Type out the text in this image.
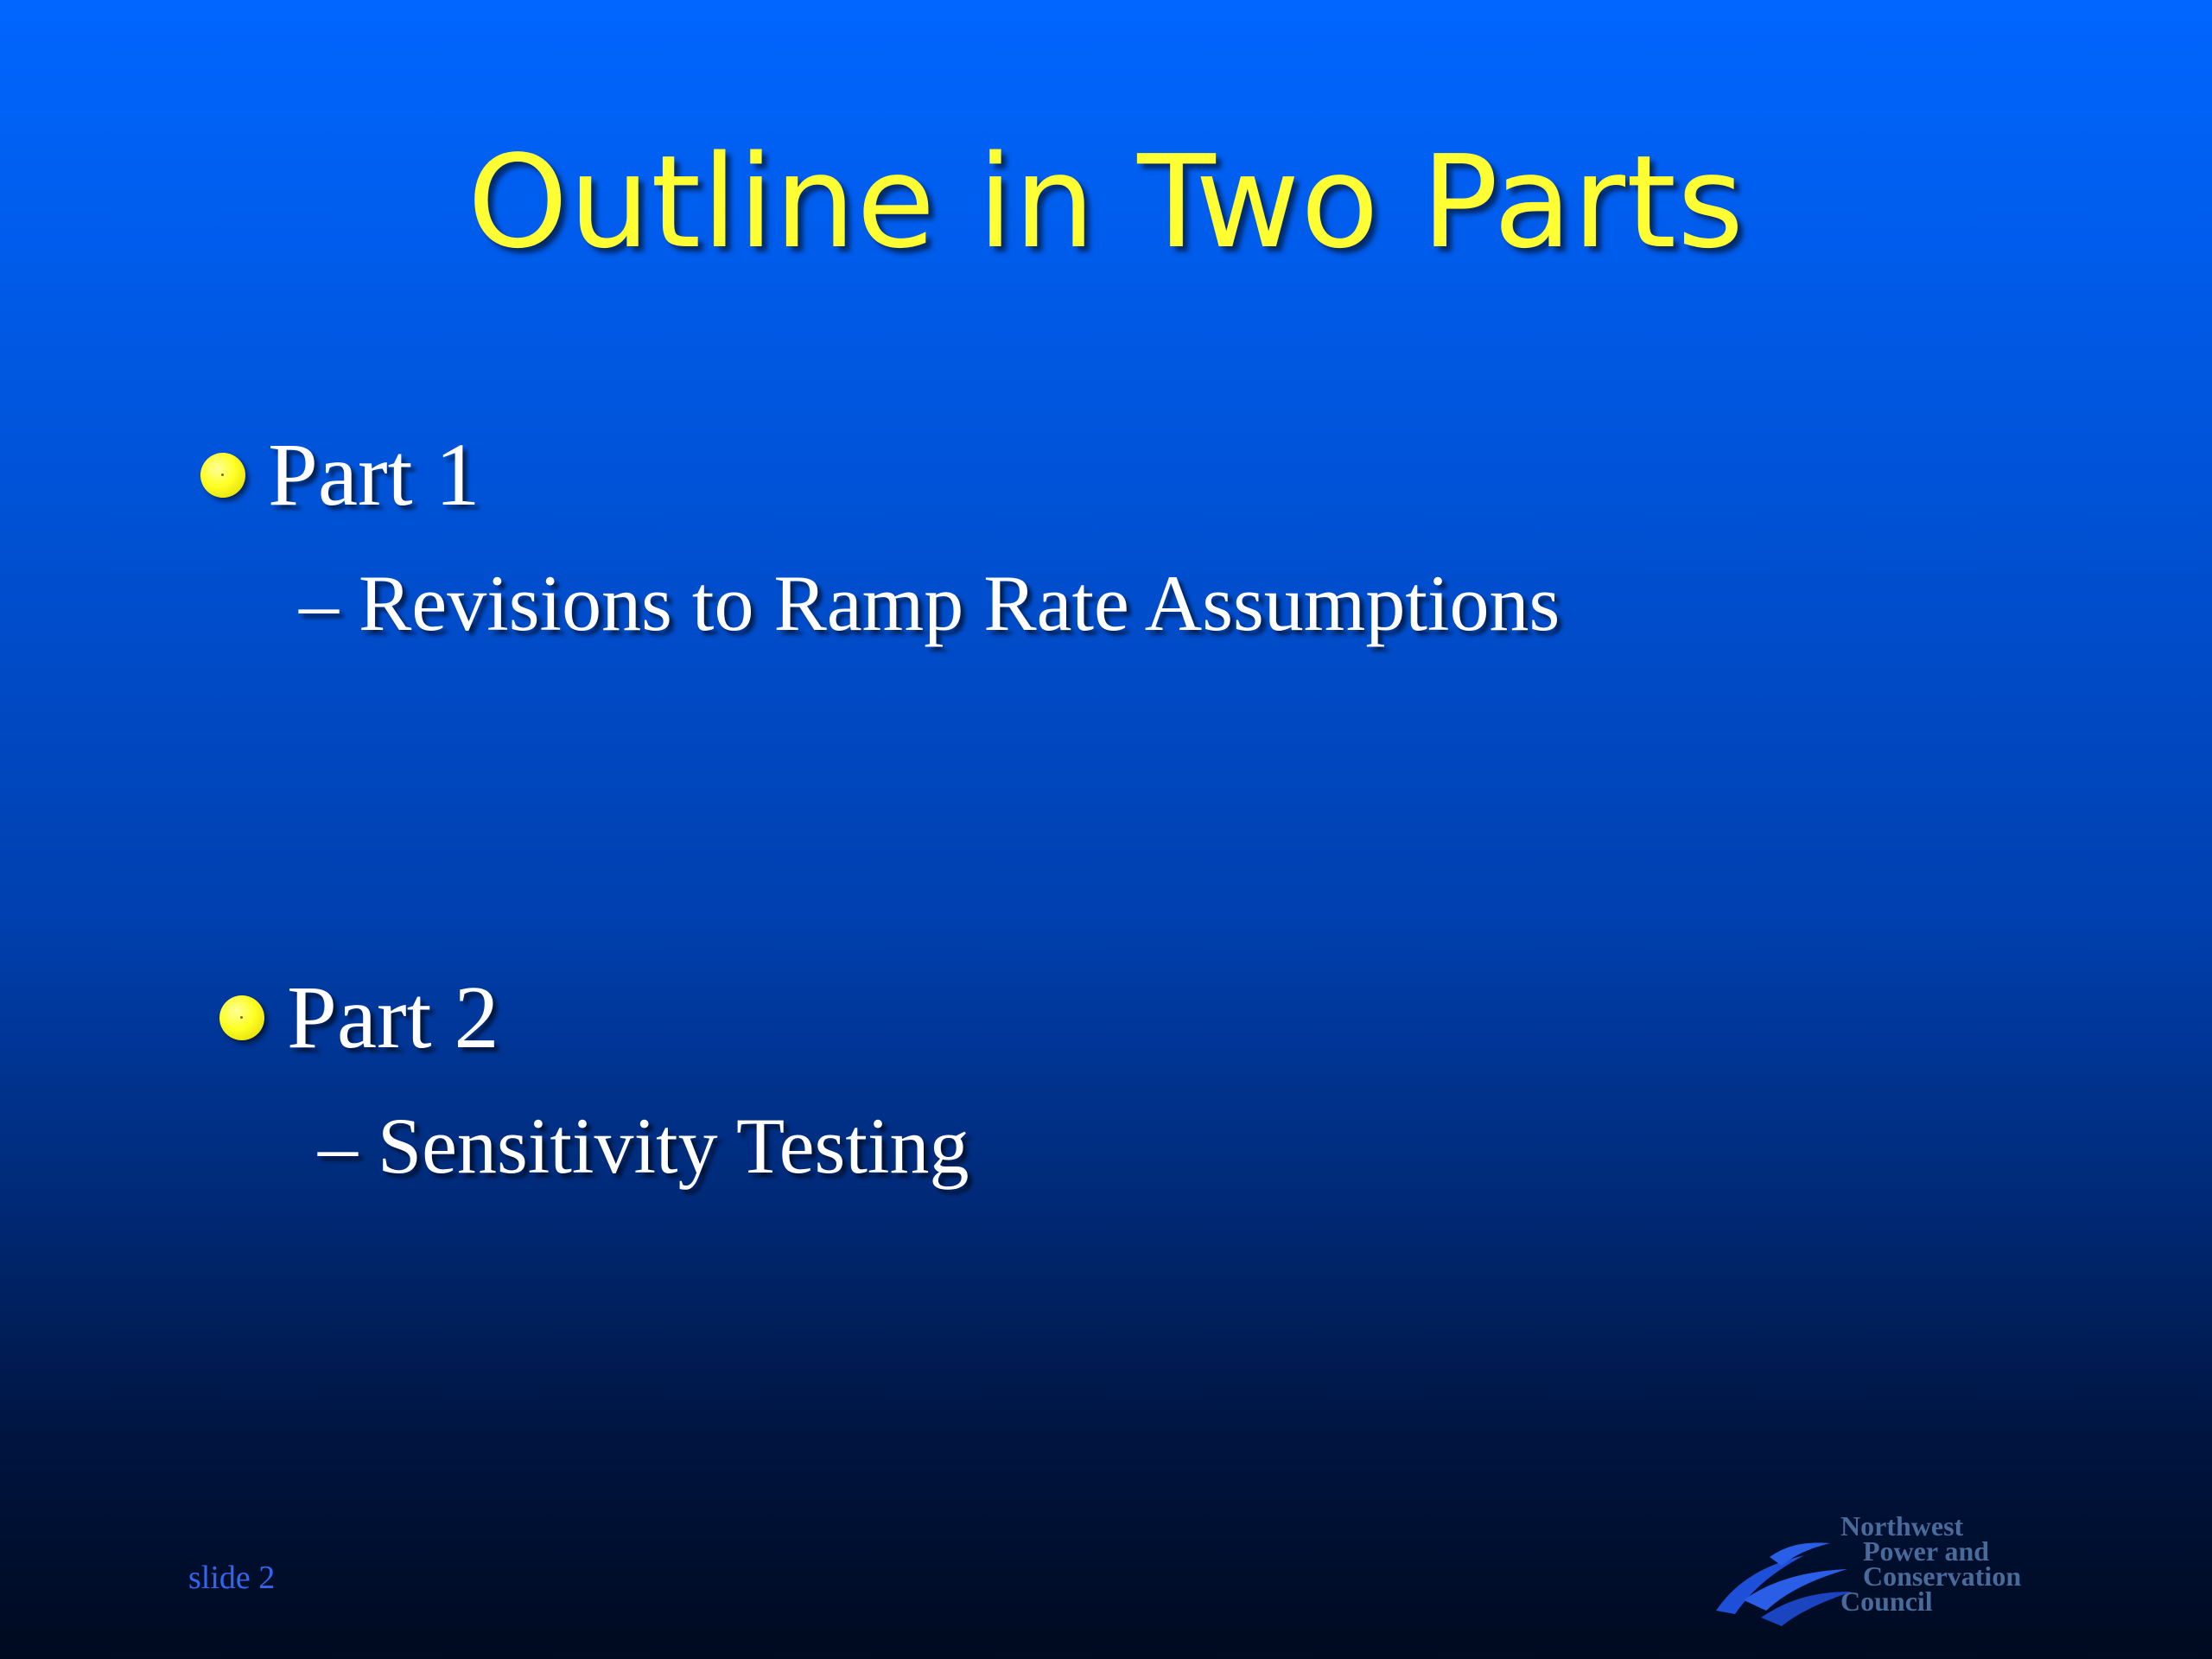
Outline in Two Parts
Part 1
– Revisions to Ramp Rate Assumptions
Part 2
– Sensitivity Testing
slide 2
Northwest
Power and
Conservation
Council
